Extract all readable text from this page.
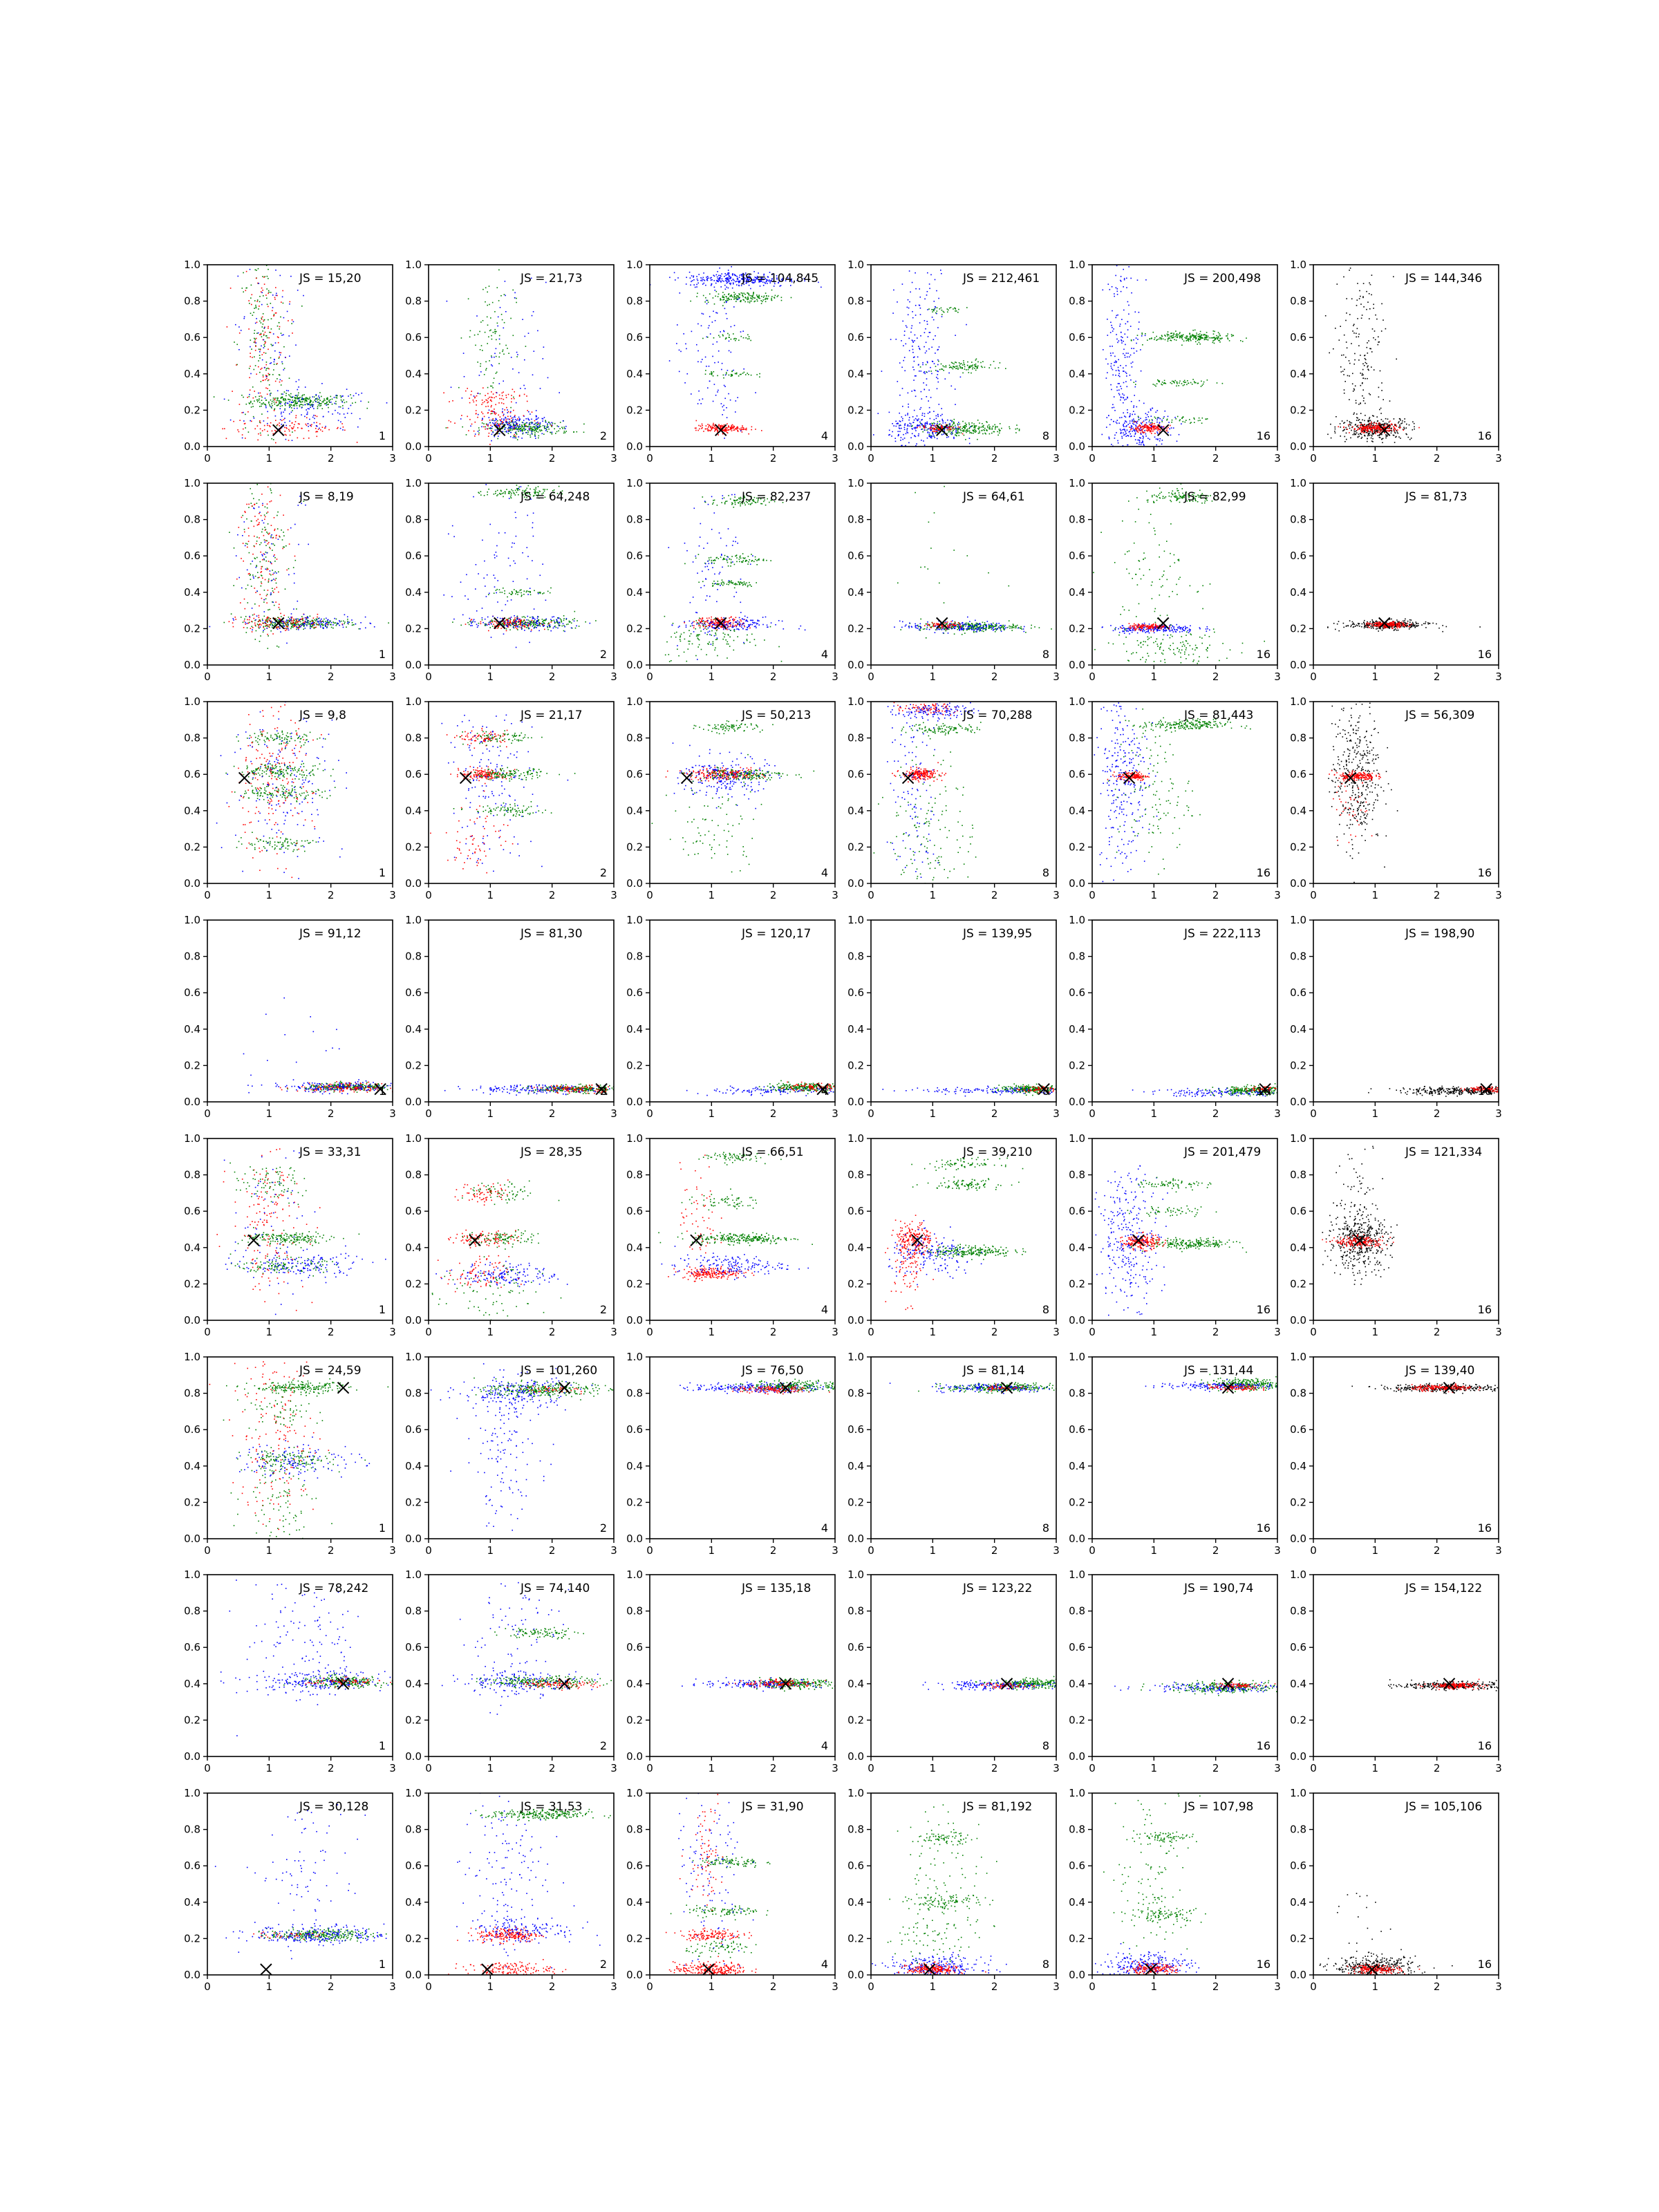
0	1	2	3
0.0
0.2
0.4
0.6
0.8
1.0
JS = 15,20
1
0	1	2	3
0.0
0.2
0.4
0.6
0.8
1.0
JS = 21,73
2
0	1	2	3
0.0
0.2
0.4
0.6
0.8
1.0
JS = 104,845
4
0	1	2	3
0.0
0.2
0.4
0.6
0.8
1.0
JS = 212,461
8
0	1	2	3
0.0
0.2
0.4
0.6
0.8
1.0
JS = 200,498
16
0	1	2	3
0.0
0.2
0.4
0.6
0.8
1.0
JS = 144,346
16
0	1	2	3
0.0
0.2
0.4
0.6
0.8
1.0
JS = 8,19
1
0	1	2	3
0.0
0.2
0.4
0.6
0.8
1.0
JS = 64,248
2
0	1	2	3
0.0
0.2
0.4
0.6
0.8
1.0
JS = 82,237
4
0	1	2	3
0.0
0.2
0.4
0.6
0.8
1.0
JS = 64,61
8
0	1	2	3
0.0
0.2
0.4
0.6
0.8
1.0
JS = 82,99
16
0	1	2	3
0.0
0.2
0.4
0.6
0.8
1.0
JS = 81,73
16
0	1	2	3
0.0
0.2
0.4
0.6
0.8
1.0
JS = 9,8
1
0	1	2	3
0.0
0.2
0.4
0.6
0.8
1.0
JS = 21,17
2
0	1	2	3
0.0
0.2
0.4
0.6
0.8
1.0
JS = 50,213
4
0	1	2	3
0.0
0.2
0.4
0.6
0.8
1.0
JS = 70,288
8
0	1	2	3
0.0
0.2
0.4
0.6
0.8
1.0
JS = 81,443
16
0	1	2	3
0.0
0.2
0.4
0.6
0.8
1.0
JS = 56,309
16
0	1	2	3
0.0
0.2
0.4
0.6
0.8
1.0
JS = 91,12
1
0	1	2	3
0.0
0.2
0.4
0.6
0.8
1.0
JS = 81,30
2
0	1	2	3
0.0
0.2
0.4
0.6
0.8
1.0
JS = 120,17
4
0	1	2	3
0.0
0.2
0.4
0.6
0.8
1.0
JS = 139,95
8
0	1	2	3
0.0
0.2
0.4
0.6
0.8
1.0
JS = 222,113
16
0	1	2	3
0.0
0.2
0.4
0.6
0.8
1.0
JS = 198,90
16
0	1	2	3
0.0
0.2
0.4
0.6
0.8
1.0
JS = 33,31
1
0	1	2	3
0.0
0.2
0.4
0.6
0.8
1.0
JS = 28,35
2
0	1	2	3
0.0
0.2
0.4
0.6
0.8
1.0
JS = 66,51
4
0	1	2	3
0.0
0.2
0.4
0.6
0.8
1.0
JS = 39,210
8
0	1	2	3
0.0
0.2
0.4
0.6
0.8
1.0
JS = 201,479
16
0	1	2	3
0.0
0.2
0.4
0.6
0.8
1.0
JS = 121,334
16
0	1	2	3
0.0
0.2
0.4
0.6
0.8
1.0
JS = 24,59
1
0	1	2	3
0.0
0.2
0.4
0.6
0.8
1.0
JS = 101,260
2
0	1	2	3
0.0
0.2
0.4
0.6
0.8
1.0
JS = 76,50
4
0	1	2	3
0.0
0.2
0.4
0.6
0.8
1.0
JS = 81,14
8
0	1	2	3
0.0
0.2
0.4
0.6
0.8
1.0
JS = 131,44
16
0	1	2	3
0.0
0.2
0.4
0.6
0.8
1.0
JS = 139,40
16
0	1	2	3
0.0
0.2
0.4
0.6
0.8
1.0
JS = 78,242
1
0	1	2	3
0.0
0.2
0.4
0.6
0.8
1.0
JS = 74,140
2
0	1	2	3
0.0
0.2
0.4
0.6
0.8
1.0
JS = 135,18
4
0	1	2	3
0.0
0.2
0.4
0.6
0.8
1.0
JS = 123,22
8
0	1	2	3
0.0
0.2
0.4
0.6
0.8
1.0
JS = 190,74
16
0	1	2	3
0.0
0.2
0.4
0.6
0.8
1.0
JS = 154,122
16
0	1	2	3
0.0
0.2
0.4
0.6
0.8
1.0
JS = 30,128
1
0	1	2	3
0.0
0.2
0.4
0.6
0.8
1.0
JS = 31,53
2
0	1	2	3
0.0
0.2
0.4
0.6
0.8
1.0
JS = 31,90
4
0	1	2	3
0.0
0.2
0.4
0.6
0.8
1.0
JS = 81,192
8
0	1	2	3
0.0
0.2
0.4
0.6
0.8
1.0
JS = 107,98
16
0	1	2	3
0.0
0.2
0.4
0.6
0.8
1.0
JS = 105,106
16
